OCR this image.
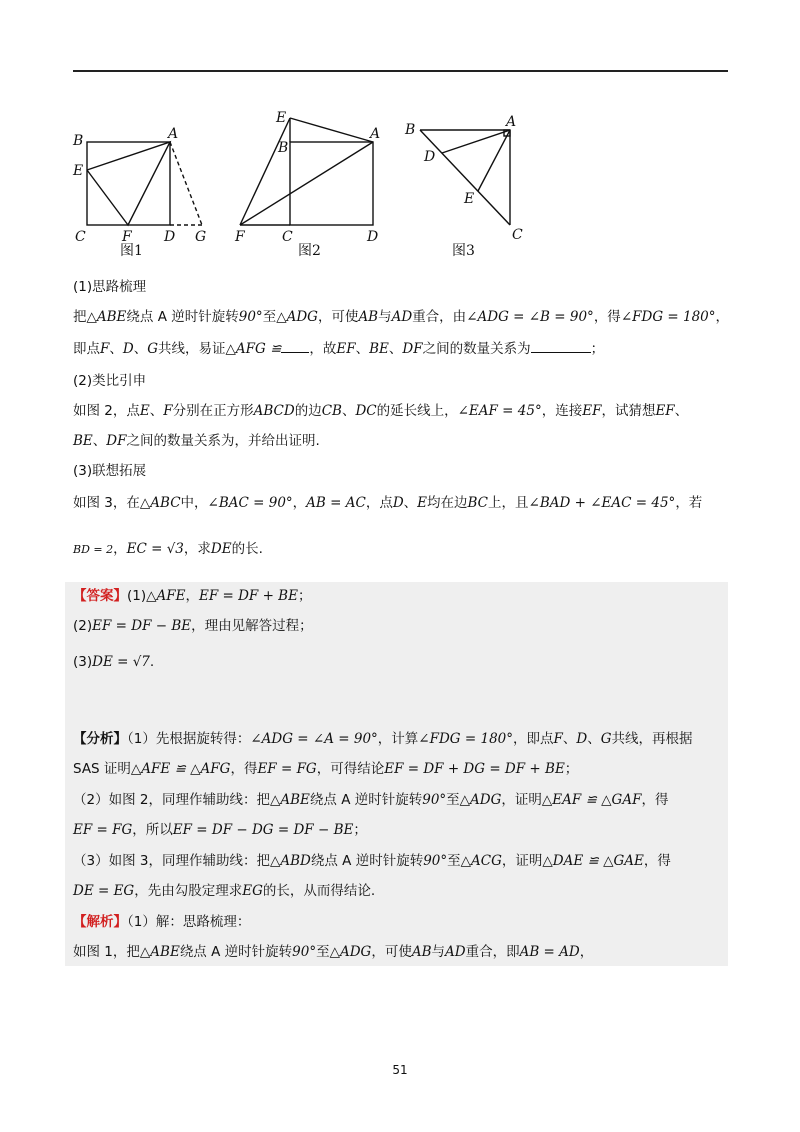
B	A
E
C	F D G
图1
E
B
A
F	C	D
图2
B	A
D
E
C
图3
(1)思路梳理
把△ABE绕点 A 逆时针旋转90°至△ADG，可使AB与AD重合，由∠ADG = ∠B = 90°，得∠FDG = 180°，
即点F、D、G共线，易证△AFG ≌ ，故EF、BE、DF之间的数量关系为	；
(2)类比引申
如图 2，点E、F分别在正方形ABCD的边CB、DC的延长线上，∠EAF = 45°，连接EF，试猜想EF、
BE、DF之间的数量关系为，并给出证明.
(3)联想拓展
如图 3，在△ABC中，∠BAC = 90°，AB = AC，点D、E均在边BC上，且∠BAD + ∠EAC = 45°，若
BD = 2，EC = √3，求DE的长.
【答案】(1)△AFE，EF = DF + BE；
(2)EF = DF − BE，理由见解答过程；
(3)DE = √7.
【分析】（1）先根据旋转得：∠ADG = ∠A = 90°，计算∠FDG = 180°，即点F、D、G共线，再根据
SAS 证明△AFE ≌ △AFG，得EF = FG，可得结论EF = DF + DG = DF + BE；
（2）如图 2，同理作辅助线：把△ABE绕点 A 逆时针旋转90°至△ADG，证明△EAF ≌ △GAF，得
EF = FG，所以EF = DF − DG = DF − BE；
（3）如图 3，同理作辅助线：把△ABD绕点 A 逆时针旋转90°至△ACG，证明△DAE ≌ △GAE，得
DE = EG，先由勾股定理求EG的长，从而得结论.
【解析】（1）解：思路梳理：
如图 1，把△ABE绕点 A 逆时针旋转90°至△ADG，可使AB与AD重合，即AB = AD，
51
